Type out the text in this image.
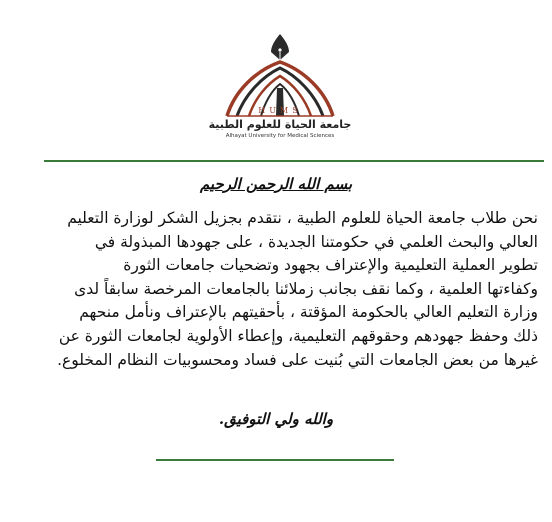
HUMS
جامعة الحياة للعلوم الطبية
Alhayat University for Medical Sciences
بسم الله الرحمن الرحيم
نحن طلاب جامعة الحياة للعلوم الطبية ، نتقدم بجزيل الشكر لوزارة التعليم
العالي والبحث العلمي في حكومتنا الجديدة ، على جهودها المبذولة في
تطوير العملية التعليمية والإعتراف بجهود وتضحيات جامعات الثورة
وكفاءتها العلمية ، وكما نقف بجانب زملائنا بالجامعات المرخصة سابقاً لدى
وزارة التعليم العالي بالحكومة المؤقتة ، بأحقيتهم بالإعتراف ونأمل منحهم
ذلك وحفظ جهودهم وحقوقهم التعليمية، وإعطاء الأولوية لجامعات الثورة عن
غيرها من بعض الجامعات التي بُنيت على فساد ومحسوبيات النظام المخلوع.
والله ولي التوفيق.
